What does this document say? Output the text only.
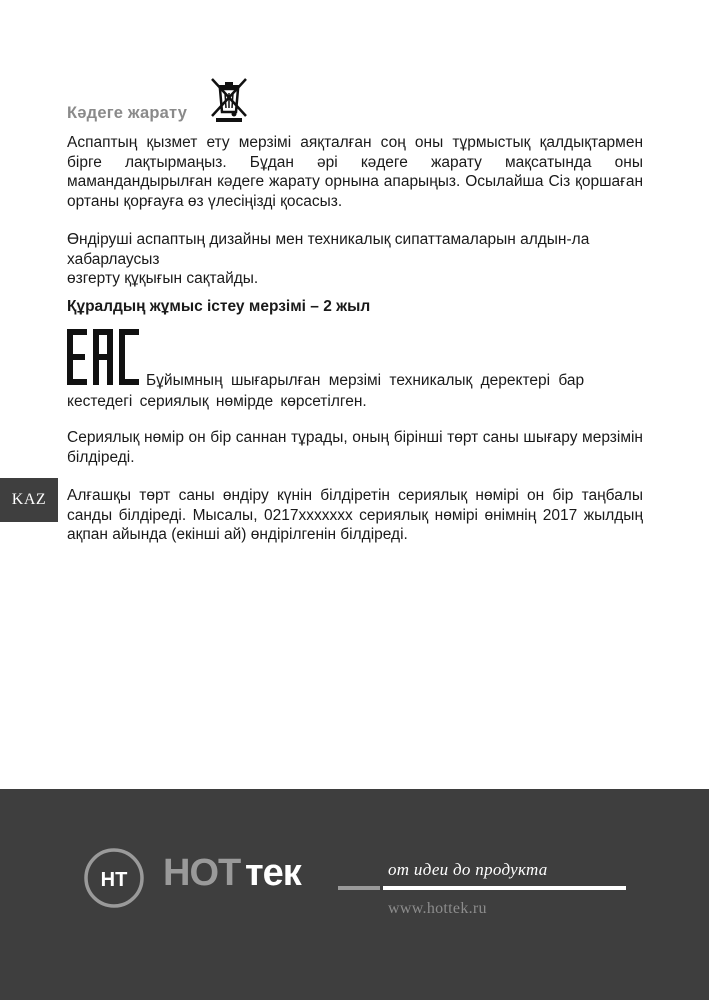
Кәдеге жарату

Аспаптың қызмет ету мерзімі аяқталған соң оны тұрмыстық қалдықтармен бірге лақтырмаңыз. Бұдан әрі кәдеге жарату мақсатында оны мамандандырылған кәдеге жарату орнына апарыңыз. Осылайша Сіз қоршаған ортаны қорғауға өз үлесіңізді қосасыз.

Өндіруші аспаптың дизайны мен техникалық сипаттамаларын алдын-ла хабарлаусыз
өзгерту құқығын сақтайды.
Құралдың жұмыс істеу мерзімі – 2 жыл
Бұйымның шығарылған мерзімі техникалық деректері бар
кестедегі сериялық нөмірде көрсетілген.

Сериялық нөмір он бір саннан тұрады, оның бірінші төрт саны шығару мерзімін білдіреді.

KAZ	Алғашқы төрт саны өндіру күнін білдіретін сериялық нөмірі он бір таңбалы санды білдіреді. Мысалы, 0217xxxxxxx сериялық нөмірі өнімнің 2017 жылдың ақпан айында (екінші ай) өндірілгенін білдіреді.

НТ НОТ тек	от идеи до продукта
www.hottek.ru
